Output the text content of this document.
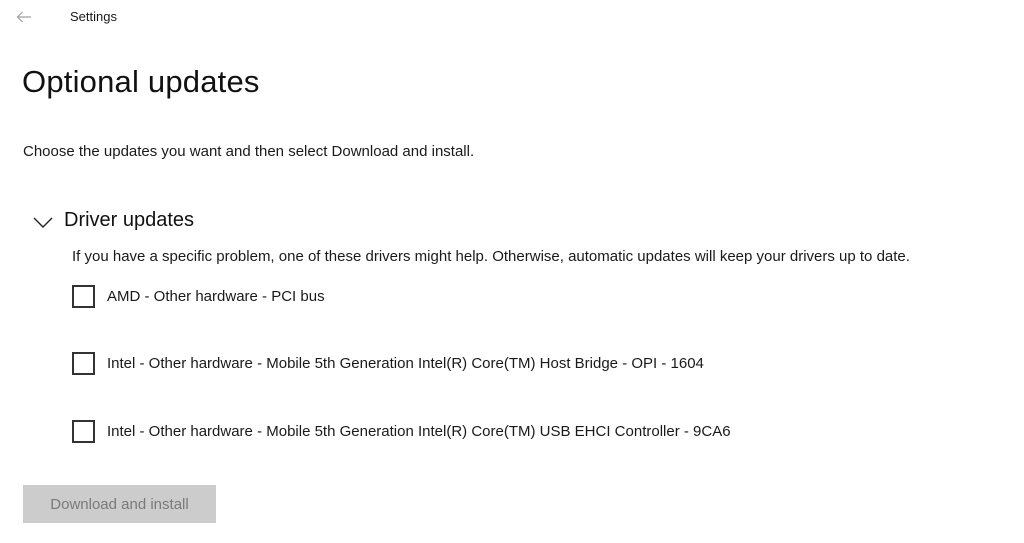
Settings
Optional updates
Choose the updates you want and then select Download and install.
Driver updates
If you have a specific problem, one of these drivers might help. Otherwise, automatic updates will keep your drivers up to date.
AMD - Other hardware - PCI bus
Intel - Other hardware - Mobile 5th Generation Intel(R) Core(TM) Host Bridge - OPI - 1604
Intel - Other hardware - Mobile 5th Generation Intel(R) Core(TM) USB EHCI Controller - 9CA6
Download and install
